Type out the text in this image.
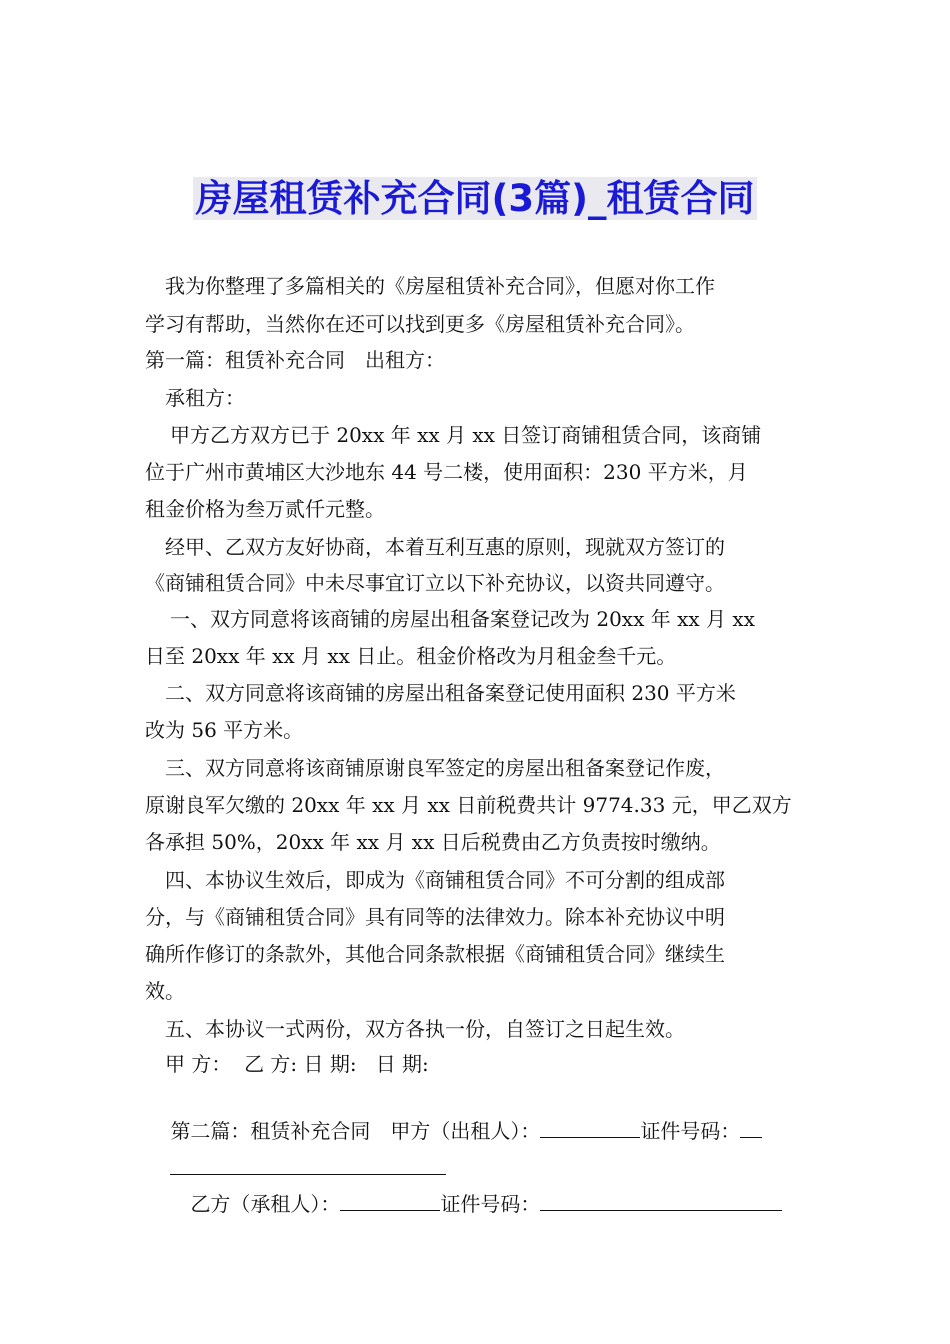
房屋租赁补充合同(3篇)_租赁合同
我为你整理了多篇相关的《房屋租赁补充合同》，但愿对你工作
学习有帮助，当然你在还可以找到更多《房屋租赁补充合同》。
第一篇：租赁补充合同　出租方：
承租方：
甲方乙方双方已于 20xx 年 xx 月 xx 日签订商铺租赁合同，该商铺
位于广州市黄埔区大沙地东 44 号二楼，使用面积：230 平方米，月
租金价格为叁万贰仟元整。
经甲、乙双方友好协商，本着互利互惠的原则，现就双方签订的
《商铺租赁合同》中未尽事宜订立以下补充协议，以资共同遵守。
一、双方同意将该商铺的房屋出租备案登记改为 20xx 年 xx 月 xx
日至 20xx 年 xx 月 xx 日止。租金价格改为月租金叁千元。
二、双方同意将该商铺的房屋出租备案登记使用面积 230 平方米
改为 56 平方米。
三、双方同意将该商铺原谢良军签定的房屋出租备案登记作废，
原谢良军欠缴的 20xx 年 xx 月 xx 日前税费共计 9774.33 元，甲乙双方
各承担 50%，20xx 年 xx 月 xx 日后税费由乙方负责按时缴纳。
四、本协议生效后，即成为《商铺租赁合同》不可分割的组成部
分，与《商铺租赁合同》具有同等的法律效力。除本补充协议中明
确所作修订的条款外，其他合同条款根据《商铺租赁合同》继续生
效。
五、本协议一式两份，双方各执一份，自签订之日起生效。
甲 方：  乙 方: 日 期:   日 期:

第二篇：租赁补充合同　甲方（出租人）：	证件号码：

乙方（承租人）：	证件号码：
